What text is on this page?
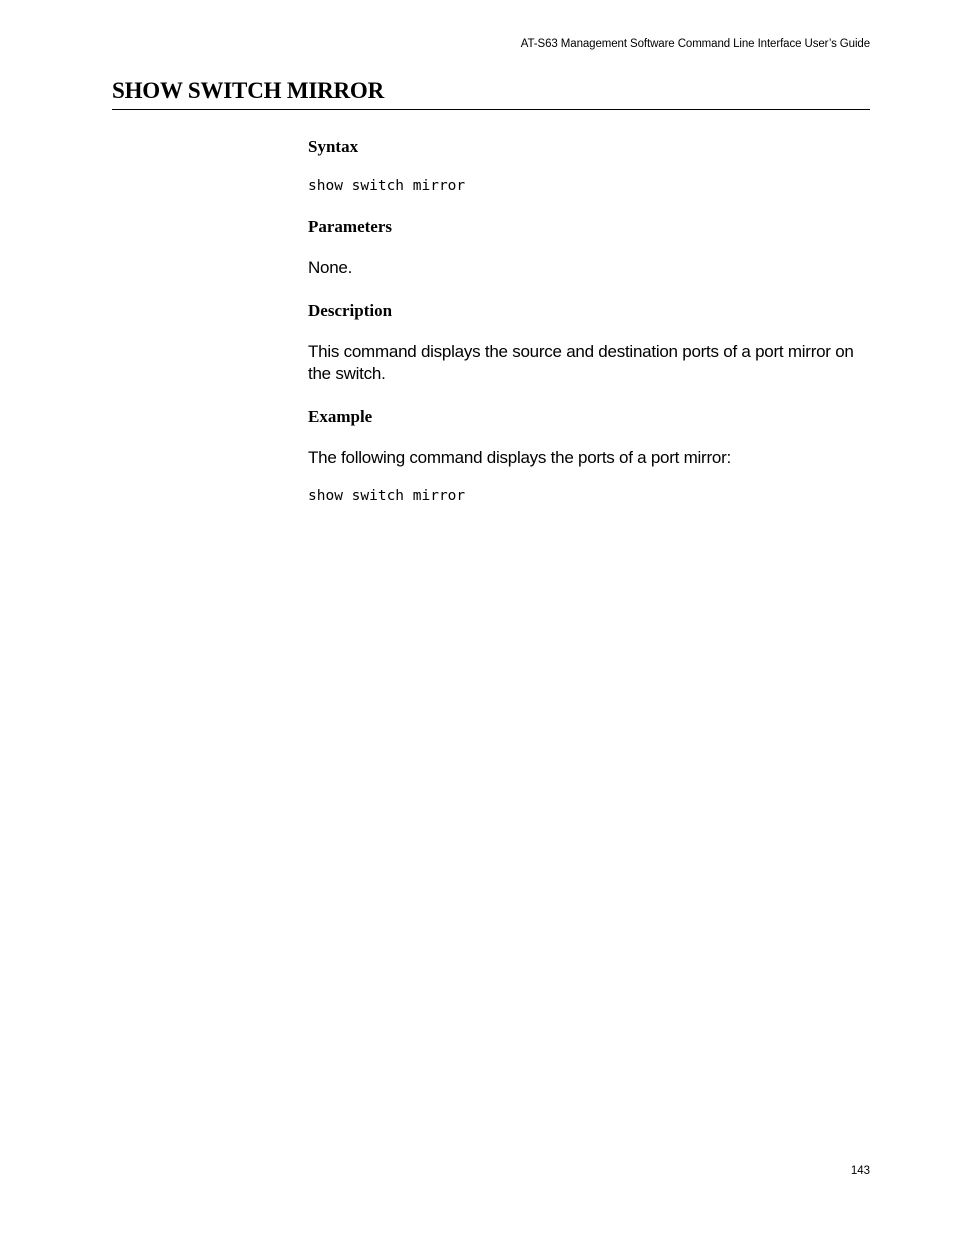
AT-S63 Management Software Command Line Interface User’s Guide
SHOW SWITCH MIRROR
Syntax

show switch mirror

Parameters

None.

Description

This command displays the source and destination ports of a port mirror on the switch.

Example

The following command displays the ports of a port mirror:

show switch mirror

143
